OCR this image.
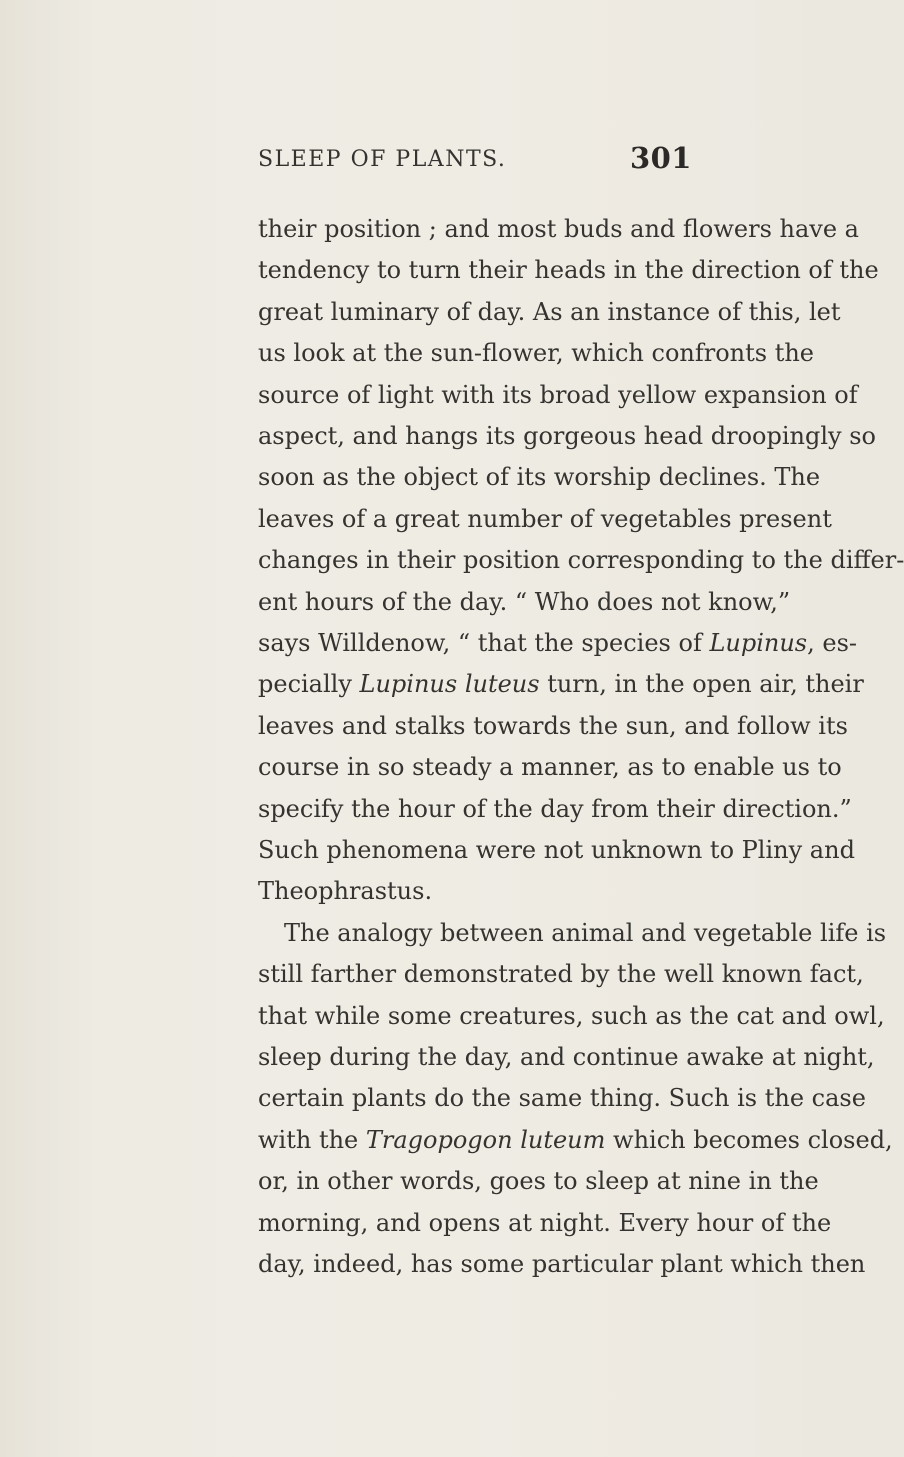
SLEEP OF PLANTS.	301
their position ; and most buds and flowers have a
tendency to turn their heads in the direction of the
great luminary of day. As an instance of this, let
us look at the sun-flower, which confronts the
source of light with its broad yellow expansion of
aspect, and hangs its gorgeous head droopingly so
soon as the object of its worship declines. The
leaves of a great number of vegetables present
changes in their position corresponding to the differ-
ent hours of the day. “ Who does not know,”
says Willdenow, “ that the species of Lupinus, es-
pecially Lupinus luteus turn, in the open air, their
leaves and stalks towards the sun, and follow its
course in so steady a manner, as to enable us to
specify the hour of the day from their direction.”
Such phenomena were not unknown to Pliny and
Theophrastus.
The analogy between animal and vegetable life is
still farther demonstrated by the well known fact,
that while some creatures, such as the cat and owl,
sleep during the day, and continue awake at night,
certain plants do the same thing. Such is the case
with the Tragopogon luteum which becomes closed,
or, in other words, goes to sleep at nine in the
morning, and opens at night. Every hour of the
day, indeed, has some particular plant which then
